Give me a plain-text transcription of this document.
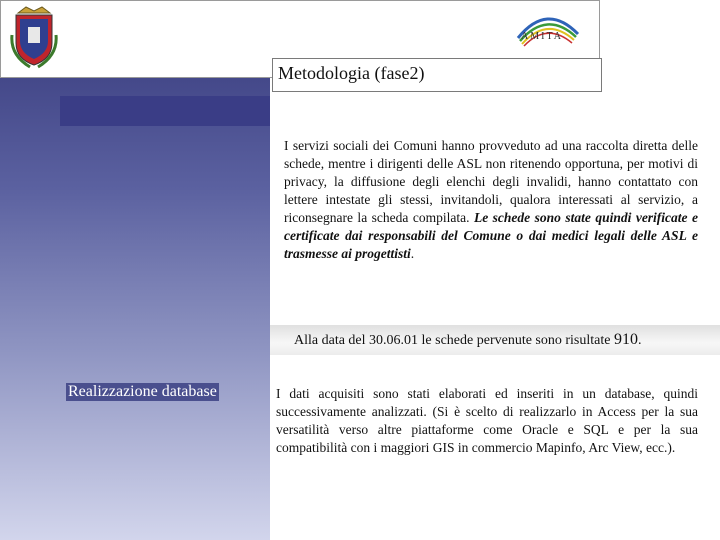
AMITA
Metodologia (fase2)
I servizi sociali dei Comuni hanno provveduto ad una raccolta diretta delle schede, mentre i dirigenti delle ASL non ritenendo opportuna, per motivi di privacy, la diffusione degli elenchi degli invalidi, hanno contattato con lettere intestate gli stessi, invitandoli, qualora interessati al servizio, a riconsegnare la scheda compilata. Le schede sono state quindi verificate e certificate dai responsabili del Comune o dai medici legali delle ASL e trasmesse ai progettisti.
Alla data del 30.06.01 le schede pervenute sono risultate 910.
Realizzazione database	I dati acquisiti sono stati elaborati ed inseriti in un database, quindi successivamente analizzati. (Si è scelto di realizzarlo in Access per la sua versatilità verso altre piattaforme come Oracle e SQL e per la sua compatibilità con i maggiori GIS in commercio Mapinfo, Arc View, ecc.).
